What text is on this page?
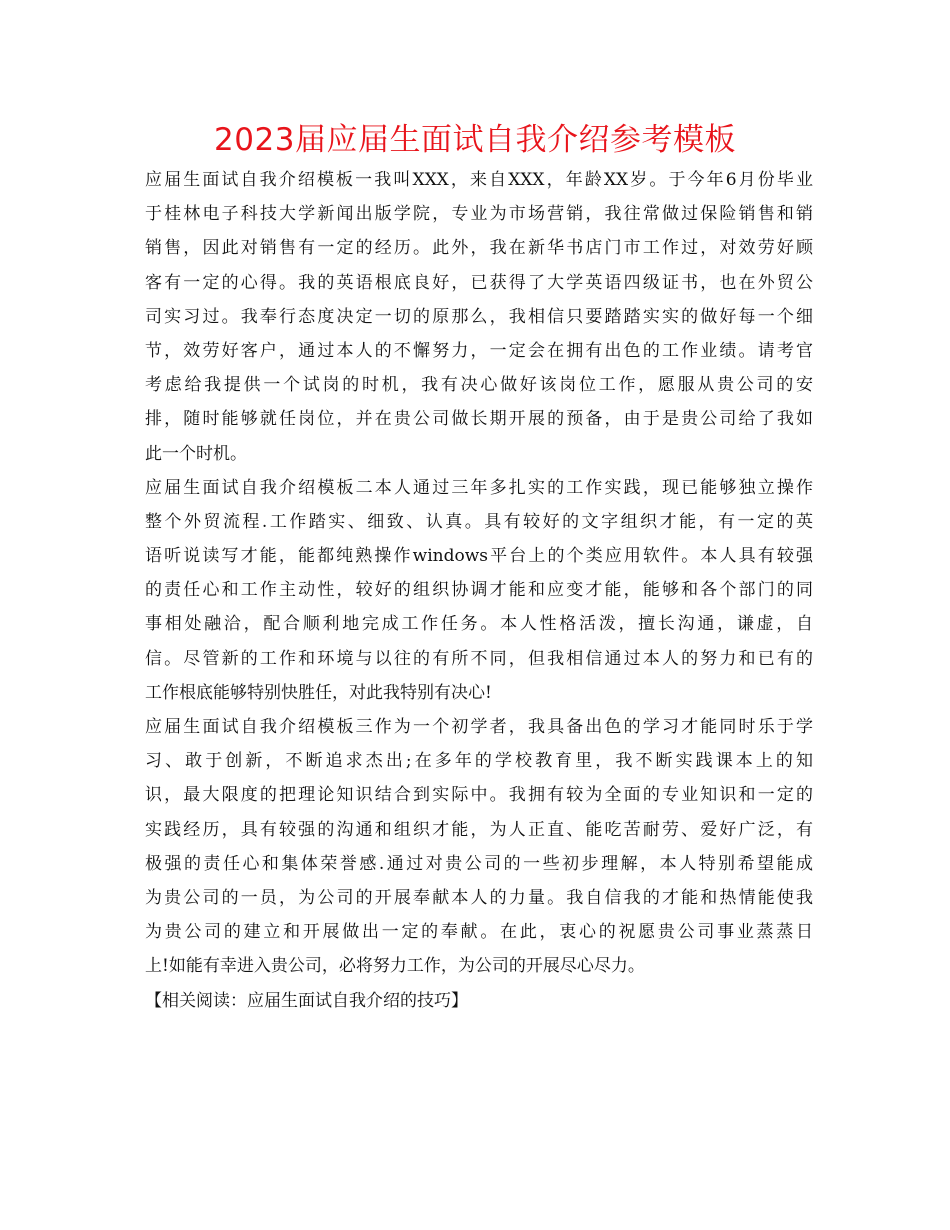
2023届应届生面试自我介绍参考模板
应届生面试自我介绍模板一我叫XXX，来自XXX，年龄XX岁。于今年6月份毕业
于桂林电子科技大学新闻出版学院，专业为市场营销，我往常做过保险销售和销
销售，因此对销售有一定的经历。此外，我在新华书店门市工作过，对效劳好顾
客有一定的心得。我的英语根底良好，已获得了大学英语四级证书，也在外贸公
司实习过。我奉行态度决定一切的原那么，我相信只要踏踏实实的做好每一个细
节，效劳好客户，通过本人的不懈努力，一定会在拥有出色的工作业绩。请考官
考虑给我提供一个试岗的时机，我有决心做好该岗位工作，愿服从贵公司的安
排，随时能够就任岗位，并在贵公司做长期开展的预备，由于是贵公司给了我如
此一个时机。
应届生面试自我介绍模板二本人通过三年多扎实的工作实践，现已能够独立操作
整个外贸流程.工作踏实、细致、认真。具有较好的文字组织才能，有一定的英
语听说读写才能，能都纯熟操作windows平台上的个类应用软件。本人具有较强
的责任心和工作主动性，较好的组织协调才能和应变才能，能够和各个部门的同
事相处融洽，配合顺利地完成工作任务。本人性格活泼，擅长沟通，谦虚，自
信。尽管新的工作和环境与以往的有所不同，但我相信通过本人的努力和已有的
工作根底能够特别快胜任，对此我特别有决心!
应届生面试自我介绍模板三作为一个初学者，我具备出色的学习才能同时乐于学
习、敢于创新，不断追求杰出;在多年的学校教育里，我不断实践课本上的知
识，最大限度的把理论知识结合到实际中。我拥有较为全面的专业知识和一定的
实践经历，具有较强的沟通和组织才能，为人正直、能吃苦耐劳、爱好广泛，有
极强的责任心和集体荣誉感.通过对贵公司的一些初步理解，本人特别希望能成
为贵公司的一员，为公司的开展奉献本人的力量。我自信我的才能和热情能使我
为贵公司的建立和开展做出一定的奉献。在此，衷心的祝愿贵公司事业蒸蒸日
上!如能有幸进入贵公司，必将努力工作，为公司的开展尽心尽力。
【相关阅读：应届生面试自我介绍的技巧】
